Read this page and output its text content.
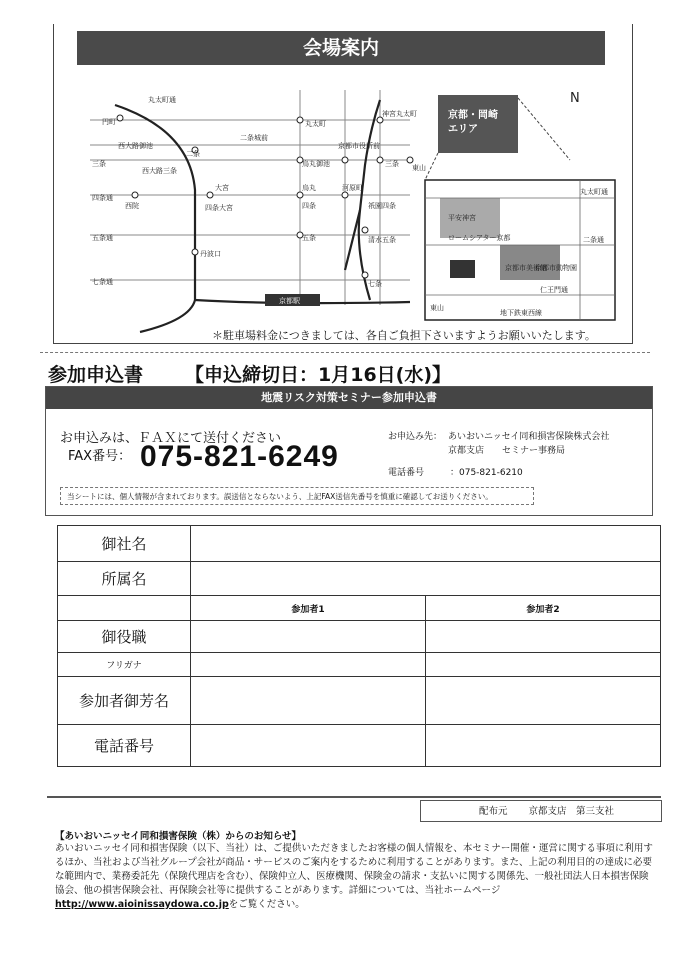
会場案内
京都駅
丸太町通
円町
西大路御池
二条
三条
西大路三条
四条通
西院
大宮
四条大宮
五条通
七条通
丹波口
二条城前
丸太町
烏丸御池
京都市役所前
烏丸
四条
河原町
五条
祇園四条
清水五条
七条
神宮丸太町
三条 東山
京都・岡崎エリア
N
丸太町通
平安神宮
ロームシアター京都	二条通
京都市美術館
京都市動物園
仁王門通
東山
地下鉄東西線
＊駐車場料金につきましては、各自ご負担下さいますようお願いいたします。
参加申込書 【申込締切日：1月16日(水)】
地震リスク対策セミナー参加申込書
お申込みは、ＦＡＸにて送付ください
FAX番号： 075-821-6249
お申込み先： あいおいニッセイ同和損害保険株式会社
京都支店　　セミナー事務局
電話番号	：075-821-6210
当シートには、個人情報が含まれております。誤送信とならないよう、上記FAX送信先番号を慎重に確認してお送りください。
御社名		
所属名		
	参加者1	参加者2
御役職		
フリガナ		
参加者御芳名		
電話番号		
配布元 京都支店　第三支社
【あいおいニッセイ同和損害保険（株）からのお知らせ】
あいおいニッセイ同和損害保険（以下、当社）は、ご提供いただきましたお客様の個人情報を、本セミナー開催・運営に関する事項に利用するほか、当社および当社グループ会社が商品・サービスのご案内をするために利用することがあります。また、上記の利用目的の達成に必要な範囲内で、業務委託先（保険代理店を含む）、保険仲立人、医療機関、保険金の請求・支払いに関する関係先、一般社団法人日本損害保険協会、他の損害保険会社、再保険会社等に提供することがあります。詳細については、当社ホームページ http://www.aioinissaydowa.co.jpをご覧ください。
